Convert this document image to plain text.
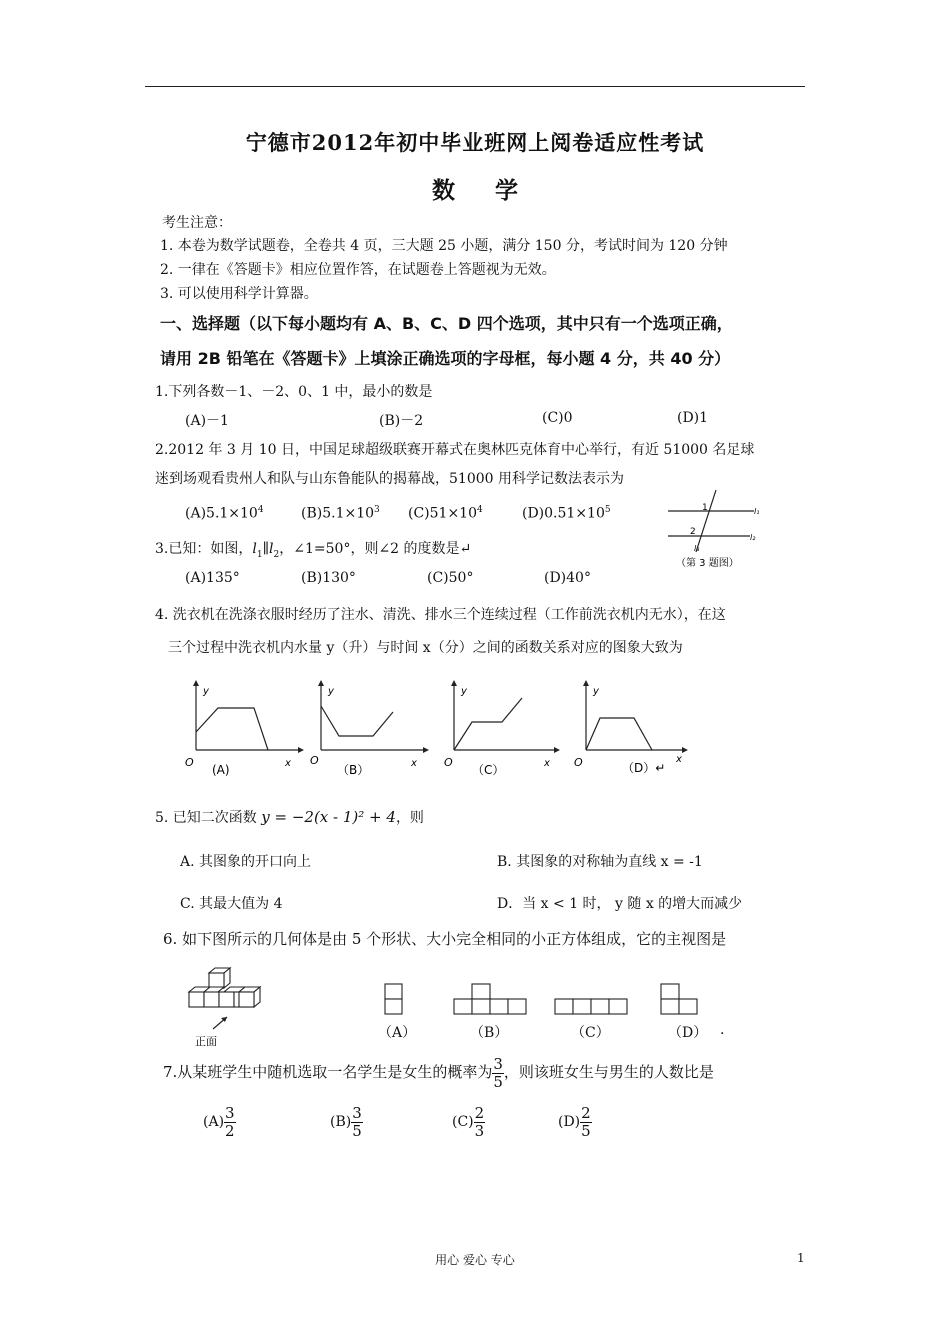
宁德市2012年初中毕业班网上阅卷适应性考试
数学
考生注意：
1. 本卷为数学试题卷，全卷共 4 页，三大题 25 小题，满分 150 分，考试时间为 120 分钟
2. 一律在《答题卡》相应位置作答，在试题卷上答题视为无效。
3. 可以使用科学计算器。
一、选择题（以下每小题均有 A、B、C、D 四个选项，其中只有一个选项正确，
请用 2B 铅笔在《答题卡》上填涂正确选项的字母框，每小题 4 分，共 40 分）
1.下列各数－1、－2、0、1 中，最小的数是
(A)－1	(B)－2	(C)0	(D)1
2.2012 年 3 月 10 日，中国足球超级联赛开幕式在奥林匹克体育中心举行，有近 51000 名足球
迷到场观看贵州人和队与山东鲁能队的揭幕战，51000 用科学记数法表示为
$(A)5.1\times 10^4$	$(B)5.1\times 10^3$ $(C)51\times 10^4$	$(D)0.51\times 10^5$	1
2
l₁
l₂
l₃
（第 3 题图）
3.已知：如图，$l_1\parallel l_2$，∠1=50°，则∠2 的度数是↵
(A)135°	(B)130°	(C)50°	(D)40°
4. 洗衣机在洗涤衣服时经历了注水、清洗、排水三个连续过程（工作前洗衣机内无水），在这
三个过程中洗衣机内水量 y（升）与时间 x（分）之间的函数关系对应的图象大致为
y
O	x
(A)
y
O	x
（B）
y
O	x
（C）
y
O	x
（D）↵
5. 已知二次函数 y = −2(x - 1)² + 4，则
A. 其图象的开口向上	B. 其图象的对称轴为直线 x = -1
C. 其最大值为 4	D．当 x < 1 时， y 随 x 的增大而减少
6. 如下图所示的几何体是由 5 个形状、大小完全相同的小正方体组成，它的主视图是
正面
（A）	（B）	（C）	（D） .
7.从某班学生中随机选取一名学生是女生的概率为 $\frac{3}{5}$ ，则该班女生与男生的人数比是
$(A) \frac{3}{2}$	$(B) \frac{3}{5}$	$(C) \frac{2}{3}$	$(D) \frac{2}{5}$
用心 爱心 专心	1
